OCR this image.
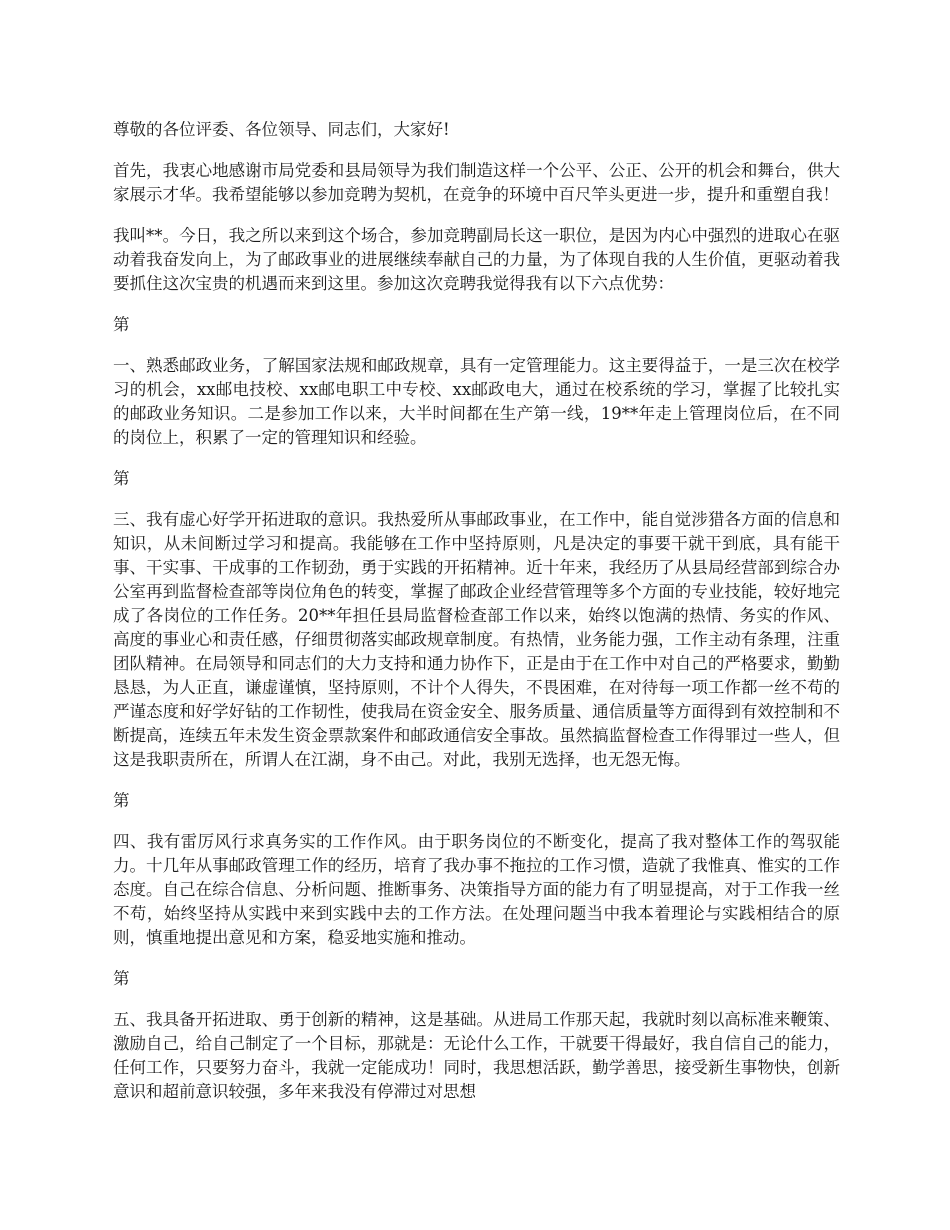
尊敬的各位评委、各位领导、同志们，大家好!

首先，我衷心地感谢市局党委和县局领导为我们制造这样一个公平、公正、公开的机会和舞台，供大家展示才华。我希望能够以参加竞聘为契机，在竞争的环境中百尺竿头更进一步，提升和重塑自我！

我叫**。今日，我之所以来到这个场合，参加竞聘副局长这一职位，是因为内心中强烈的进取心在驱动着我奋发向上，为了邮政事业的进展继续奉献自己的力量，为了体现自我的人生价值，更驱动着我要抓住这次宝贵的机遇而来到这里。参加这次竞聘我觉得我有以下六点优势：

第

一、熟悉邮政业务，了解国家法规和邮政规章，具有一定管理能力。这主要得益于，一是三次在校学习的机会，xx邮电技校、xx邮电职工中专校、xx邮政电大，通过在校系统的学习，掌握了比较扎实的邮政业务知识。二是参加工作以来，大半时间都在生产第一线，19**年走上管理岗位后，在不同的岗位上，积累了一定的管理知识和经验。

第

三、我有虚心好学开拓进取的意识。我热爱所从事邮政事业，在工作中，能自觉涉猎各方面的信息和知识，从未间断过学习和提高。我能够在工作中坚持原则，凡是决定的事要干就干到底，具有能干事、干实事、干成事的工作韧劲，勇于实践的开拓精神。近十年来，我经历了从县局经营部到综合办公室再到监督检查部等岗位角色的转变，掌握了邮政企业经营管理等多个方面的专业技能，较好地完成了各岗位的工作任务。20**年担任县局监督检查部工作以来，始终以饱满的热情、务实的作风、高度的事业心和责任感，仔细贯彻落实邮政规章制度。有热情，业务能力强，工作主动有条理，注重团队精神。在局领导和同志们的大力支持和通力协作下，正是由于在工作中对自己的严格要求，勤勤恳恳，为人正直，谦虚谨慎，坚持原则，不计个人得失，不畏困难，在对待每一项工作都一丝不苟的严谨态度和好学好钻的工作韧性，使我局在资金安全、服务质量、通信质量等方面得到有效控制和不断提高，连续五年未发生资金票款案件和邮政通信安全事故。虽然搞监督检查工作得罪过一些人，但这是我职责所在，所谓人在江湖，身不由己。对此，我别无选择，也无怨无悔。

第

四、我有雷厉风行求真务实的工作作风。由于职务岗位的不断变化，提高了我对整体工作的驾驭能力。十几年从事邮政管理工作的经历，培育了我办事不拖拉的工作习惯，造就了我惟真、惟实的工作态度。自己在综合信息、分析问题、推断事务、决策指导方面的能力有了明显提高，对于工作我一丝不苟，始终坚持从实践中来到实践中去的工作方法。在处理问题当中我本着理论与实践相结合的原则，慎重地提出意见和方案，稳妥地实施和推动。

第

五、我具备开拓进取、勇于创新的精神，这是基础。从进局工作那天起，我就时刻以高标准来鞭策、激励自己，给自己制定了一个目标，那就是：无论什么工作，干就要干得最好，我自信自己的能力，任何工作，只要努力奋斗，我就一定能成功！同时，我思想活跃，勤学善思，接受新生事物快，创新意识和超前意识较强，多年来我没有停滞过对思想
